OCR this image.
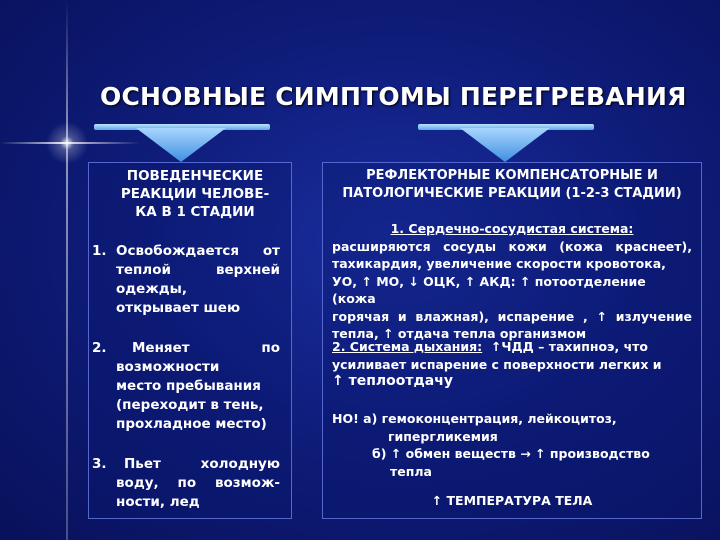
ОСНОВНЫЕ СИМПТОМЫ ПЕРЕГРЕВАНИЯ
ПОВЕДЕНЧЕСКИЕ
РЕАКЦИИ ЧЕЛОВЕ-
КА В 1 СТАДИИ
1. Освобождается от
теплой верхней
одежды,
открывает шею
2.	Меняет по
возможности
место пребывания
(переходит в тень,
прохладное место)
3.	Пьет холодную
воду, по возмож-
ности, лед
РЕФЛЕКТОРНЫЕ КОМПЕНСАТОРНЫЕ И
ПАТОЛОГИЧЕСКИЕ РЕАКЦИИ (1-2-3 СТАДИИ)
1. Сердечно-сосудистая система:
расширяются сосуды кожи (кожа краснеет),
тахикардия, увеличение скорости кровотока,
УО, ↑ МО, ↓ ОЦК, ↑ АКД: ↑ потоотделение (кожа
горячая и влажная), испарение , ↑ излучение
тепла, ↑ отдача тепла организмом
2. Система дыхания: ↑ЧДД – тахипноэ, что
усиливает испарение с поверхности легких и
↑ теплоотдачу
НО! а) гемоконцентрация, лейкоцитоз,
гипергликемия
б) ↑ обмен веществ → ↑ производство
тепла
↑ ТЕМПЕРАТУРА ТЕЛА
